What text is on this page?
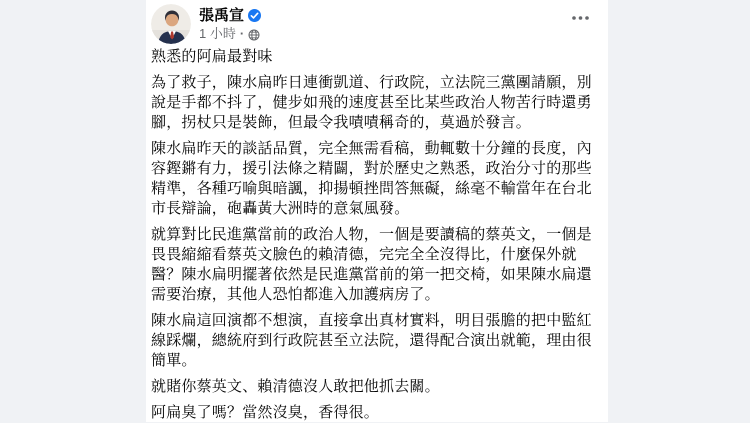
張禹宣
1 小時 ·

熟悉的阿扁最對味

為了救子，陳水扁昨日連衝凱道、行政院，立法院三黨團請願，別說是手都不抖了，健步如飛的速度甚至比某些政治人物苦行時還勇腳，拐杖只是裝飾，但最令我嘖嘖稱奇的，莫過於發言。

陳水扁昨天的談話品質，完全無需看稿，動輒數十分鐘的長度，內容鏗鏘有力，援引法條之精闢，對於歷史之熟悉，政治分寸的那些精準，各種巧喻與暗諷，抑揚頓挫問答無礙，絲毫不輸當年在台北市長辯論，砲轟黃大洲時的意氣風發。

就算對比民進黨當前的政治人物，一個是要讀稿的蔡英文，一個是畏畏縮縮看蔡英文臉色的賴清德，完完全全沒得比，什麼保外就醫？陳水扁明擺著依然是民進黨當前的第一把交椅，如果陳水扁還需要治療，其他人恐怕都進入加護病房了。

陳水扁這回演都不想演，直接拿出真材實料，明目張膽的把中監紅線踩爛，總統府到行政院甚至立法院，還得配合演出就範，理由很簡單。

就賭你蔡英文、賴清德沒人敢把他抓去關。

阿扁臭了嗎？當然沒臭，香得很。
